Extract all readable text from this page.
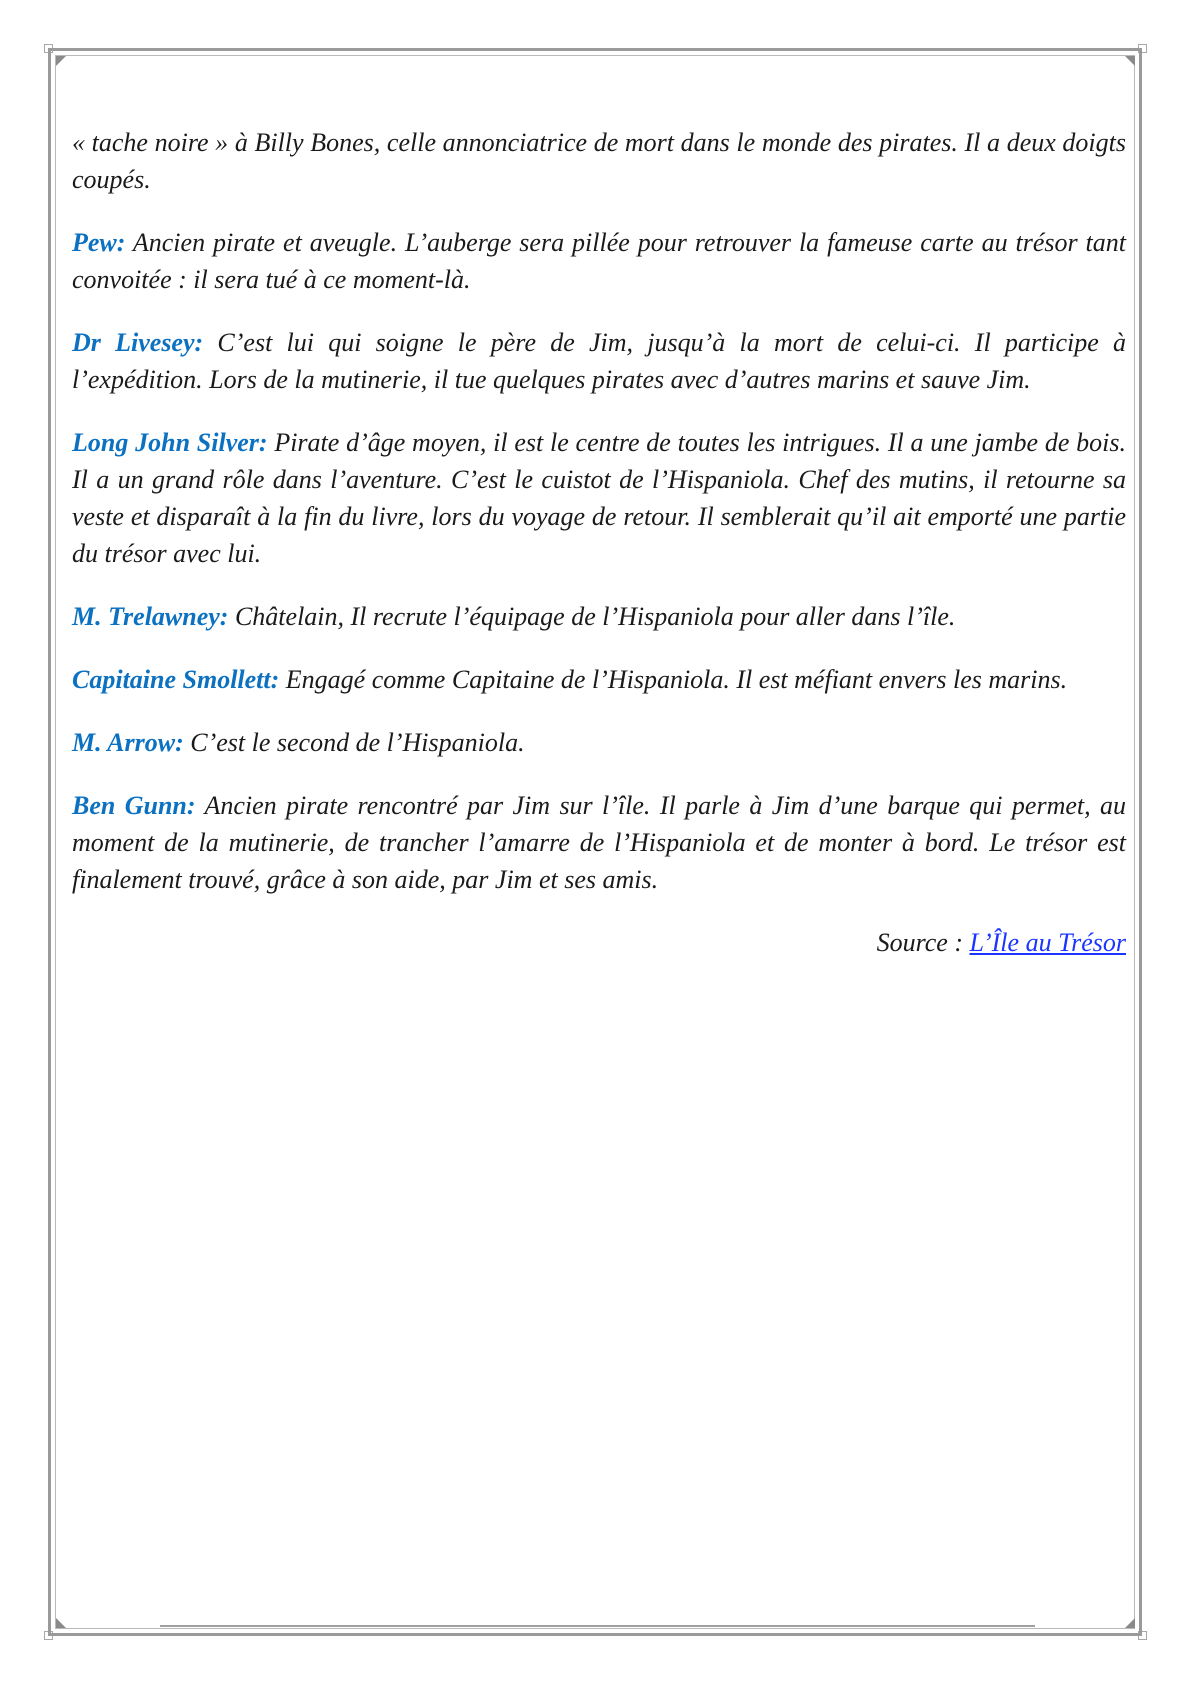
« tache noire » à Billy Bones, celle annonciatrice de mort dans le monde des pirates. Il a deux doigts coupés.

Pew: Ancien pirate et aveugle. L’auberge sera pillée pour retrouver la fameuse carte au trésor tant convoitée : il sera tué à ce moment-là.

Dr Livesey: C’est lui qui soigne le père de Jim, jusqu’à la mort de celui-ci. Il participe à l’expédition. Lors de la mutinerie, il tue quelques pirates avec d’autres marins et sauve Jim.

Long John Silver: Pirate d’âge moyen, il est le centre de toutes les intrigues. Il a une jambe de bois. Il a un grand rôle dans l’aventure. C’est le cuistot de l’Hispaniola. Chef des mutins, il retourne sa veste et disparaît à la fin du livre, lors du voyage de retour. Il semblerait qu’il ait emporté une partie du trésor avec lui.

M. Trelawney: Châtelain, Il recrute l’équipage de l’Hispaniola pour aller dans l’île.

Capitaine Smollett: Engagé comme Capitaine de l’Hispaniola. Il est méfiant envers les marins.

M. Arrow: C’est le second de l’Hispaniola.

Ben Gunn: Ancien pirate rencontré par Jim sur l’île. Il parle à Jim d’une barque qui permet, au moment de la mutinerie, de trancher l’amarre de l’Hispaniola et de monter à bord. Le trésor est finalement trouvé, grâce à son aide, par Jim et ses amis.

Source : L’Île au Trésor
